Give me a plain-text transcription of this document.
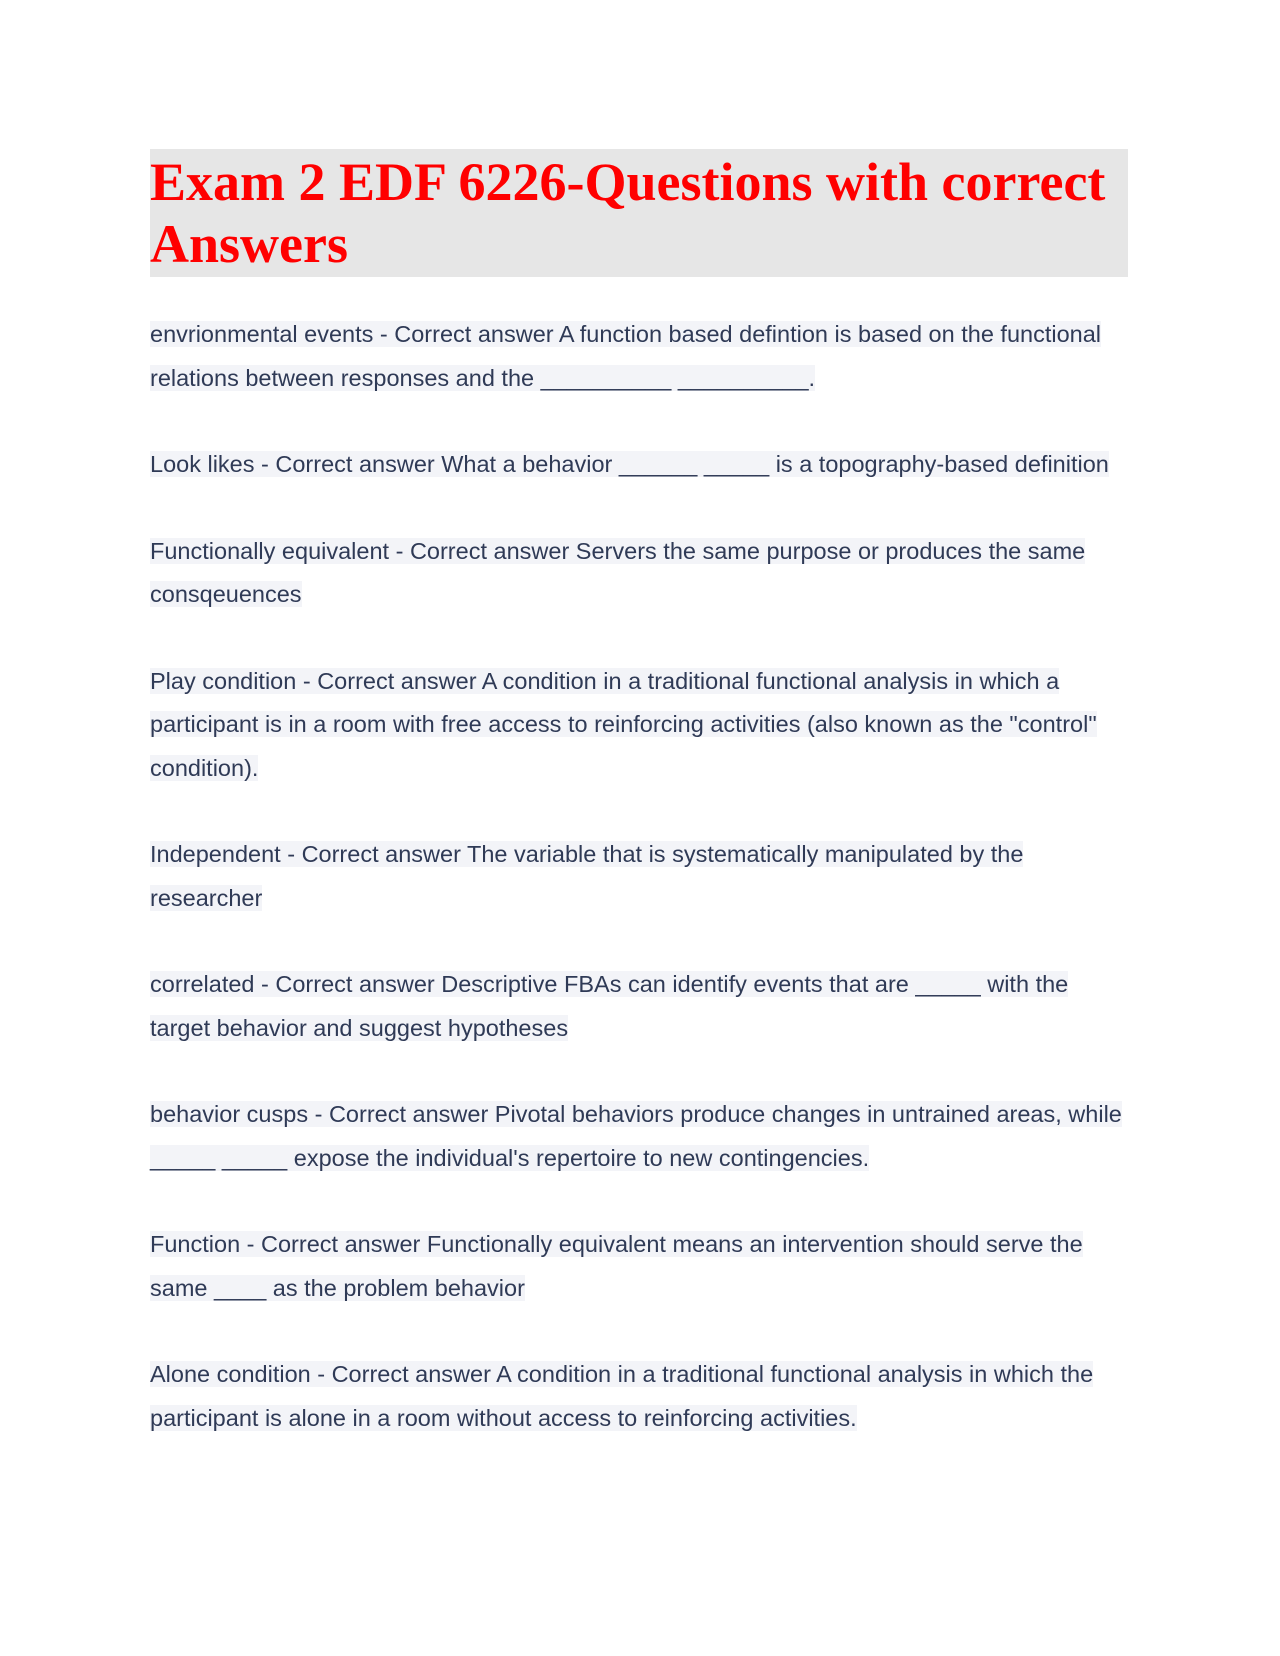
Exam 2 EDF 6226-Questions with correct Answers

envrionmental events - Correct answer A function based defintion is based on the functional relations between responses and the __________ __________.

Look likes - Correct answer What a behavior ______ _____ is a topography-based definition

Functionally equivalent - Correct answer Servers the same purpose or produces the same consqeuences

Play condition - Correct answer A condition in a traditional functional analysis in which a participant is in a room with free access to reinforcing activities (also known as the "control" condition).

Independent - Correct answer The variable that is systematically manipulated by the researcher

correlated - Correct answer Descriptive FBAs can identify events that are _____ with the target behavior and suggest hypotheses

behavior cusps - Correct answer Pivotal behaviors produce changes in untrained areas, while _____ _____ expose the individual's repertoire to new contingencies.

Function - Correct answer Functionally equivalent means an intervention should serve the same ____ as the problem behavior

Alone condition - Correct answer A condition in a traditional functional analysis in which the participant is alone in a room without access to reinforcing activities.
